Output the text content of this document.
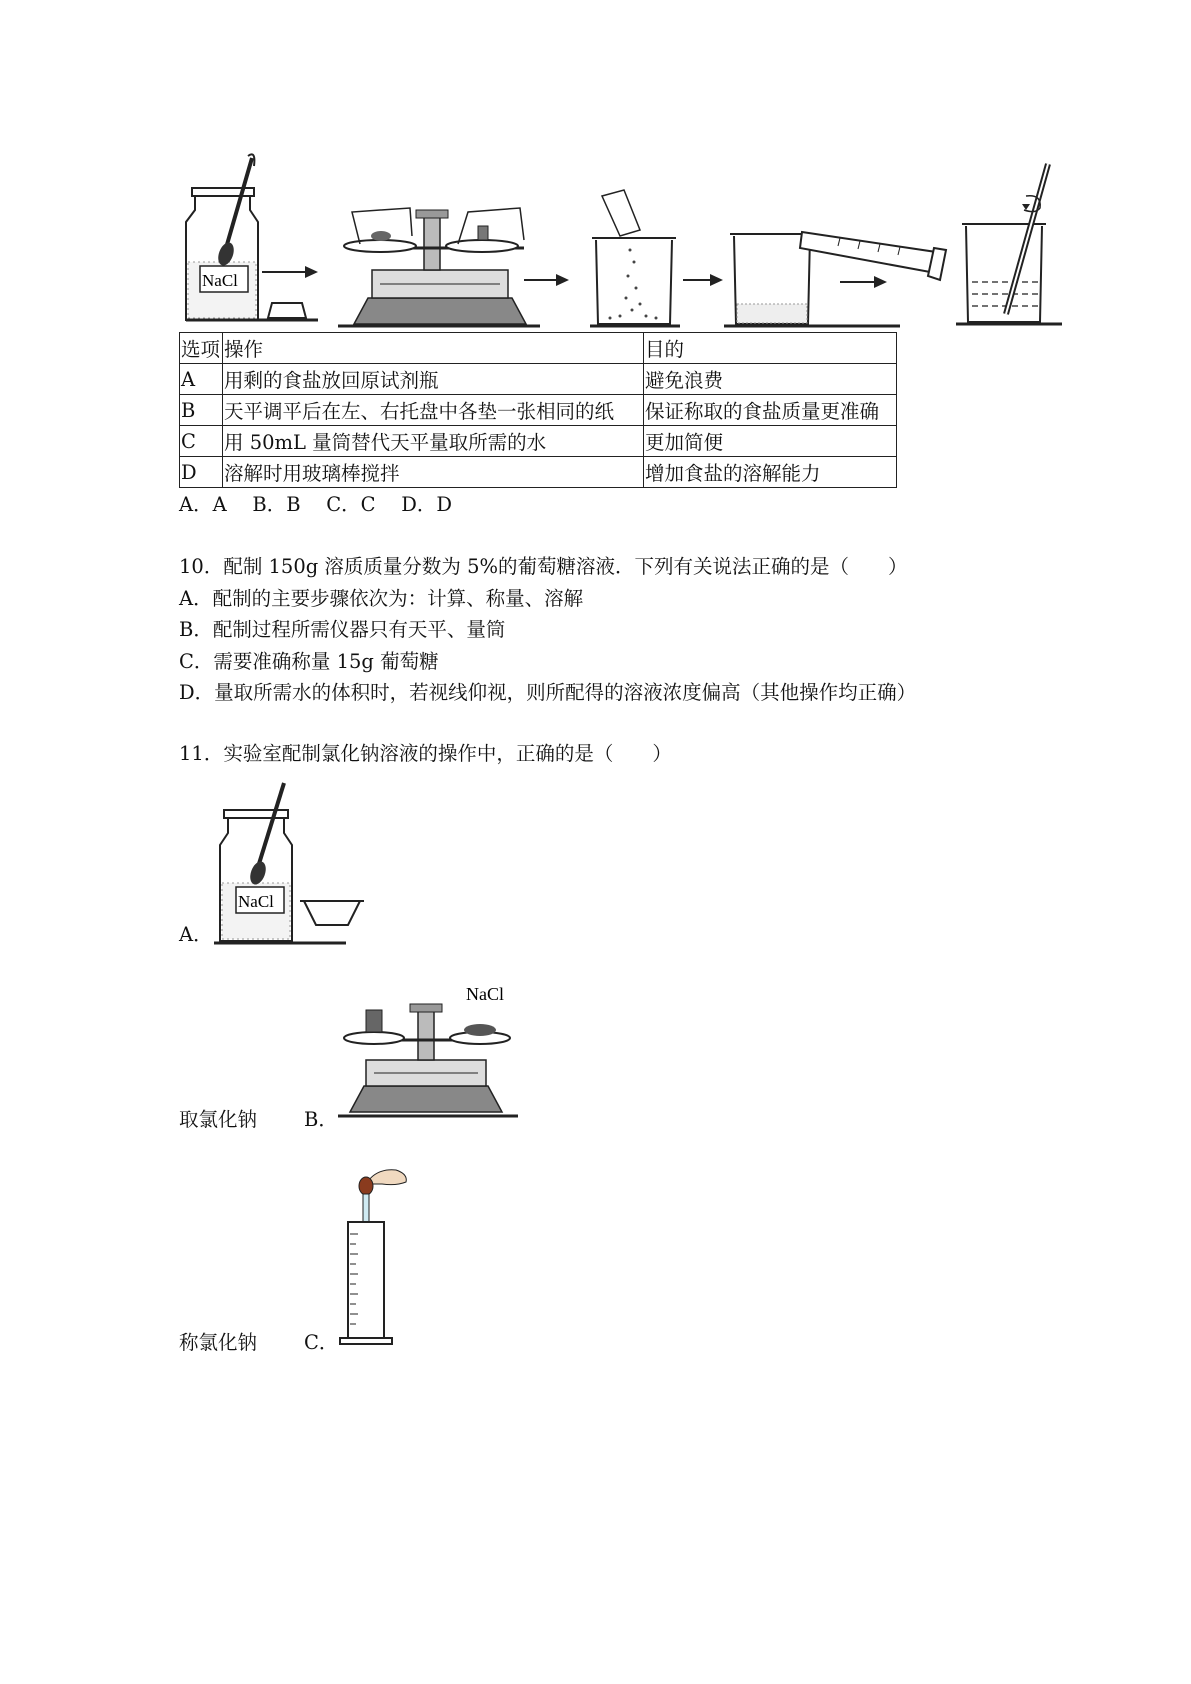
NaCl
选项	操作	目的
A	用剩的食盐放回原试剂瓶	避免浪费
B	天平调平后在左、右托盘中各垫一张相同的纸	保证称取的食盐质量更准确
C	用 50mL 量筒替代天平量取所需的水	更加简便
D	溶解时用玻璃棒搅拌	增加食盐的溶解能力
A．A　 B．B　 C．C　 D．D
10．配制 150g 溶质质量分数为 5%的葡萄糖溶液．下列有关说法正确的是（　　）
A．配制的主要步骤依次为：计算、称量、溶解
B．配制过程所需仪器只有天平、量筒
C．需要准确称量 15g 葡萄糖
D．量取所需水的体积时，若视线仰视，则所配得的溶液浓度偏高（其他操作均正确）
11．实验室配制氯化钠溶液的操作中，正确的是（　　）
A．
NaCl
取氯化钠 B．
NaCl
称氯化钠 C．
